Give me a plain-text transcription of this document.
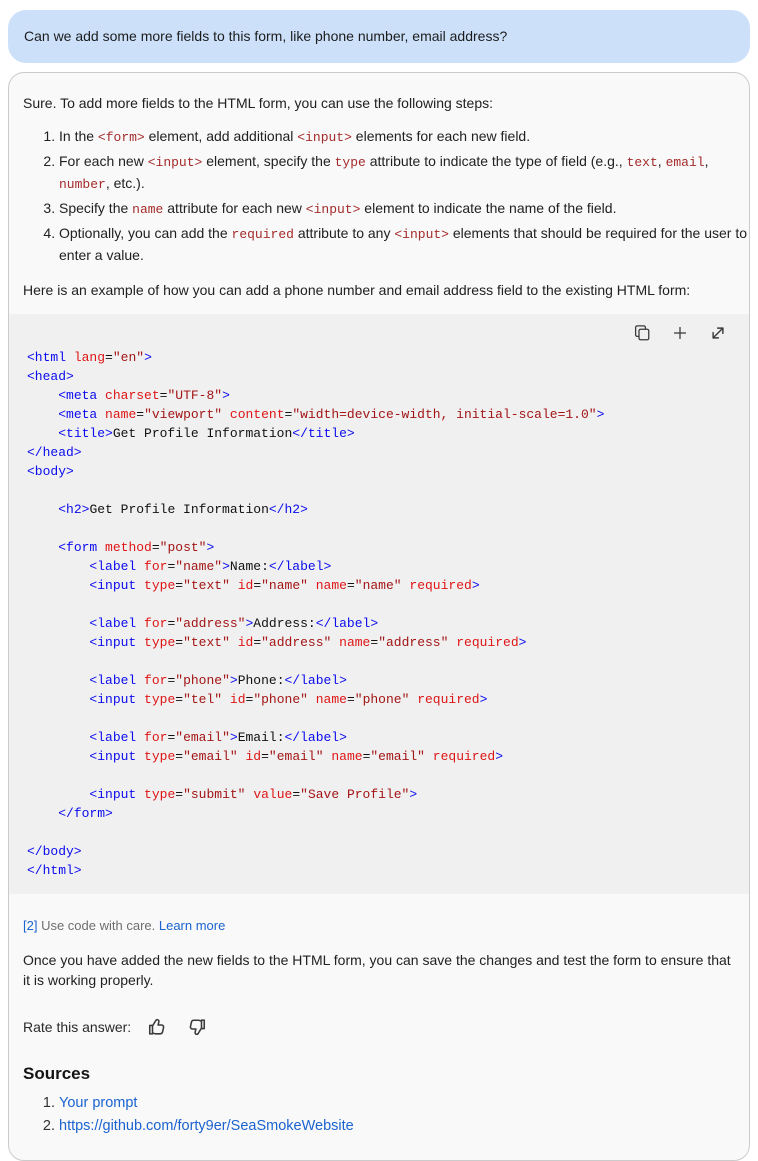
Can we add some more fields to this form, like phone number, email address?

Sure. To add more fields to the HTML form, you can use the following steps:

1. In the <form> element, add additional <input> elements for each new field.
2. For each new <input> element, specify the type attribute to indicate the type of field (e.g., text, email, number, etc.).
3. Specify the name attribute for each new <input> element to indicate the name of the field.
4. Optionally, you can add the required attribute to any <input> elements that should be required for the user to enter a value.

Here is an example of how you can add a phone number and email address field to the existing HTML form:

<html lang="en">
<head>
<meta charset="UTF-8">
<meta name="viewport" content="width=device-width, initial-scale=1.0">
<title>Get Profile Information</title>
</head>
<body>
<h2>Get Profile Information</h2>
<form method="post">
<label for="name">Name:</label>
<input type="text" id="name" name="name" required>
<label for="address">Address:</label>
<input type="text" id="address" name="address" required>
<label for="phone">Phone:</label>
<input type="tel" id="phone" name="phone" required>
<label for="email">Email:</label>
<input type="email" id="email" name="email" required>
<input type="submit" value="Save Profile">
</form>
</body>
</html>
[2] Use code with care. Learn more

Once you have added the new fields to the HTML form, you can save the changes and test the form to ensure that it is working properly.

Rate this answer:
Sources
1. Your prompt
2. https://github.com/forty9er/SeaSmokeWebsite
